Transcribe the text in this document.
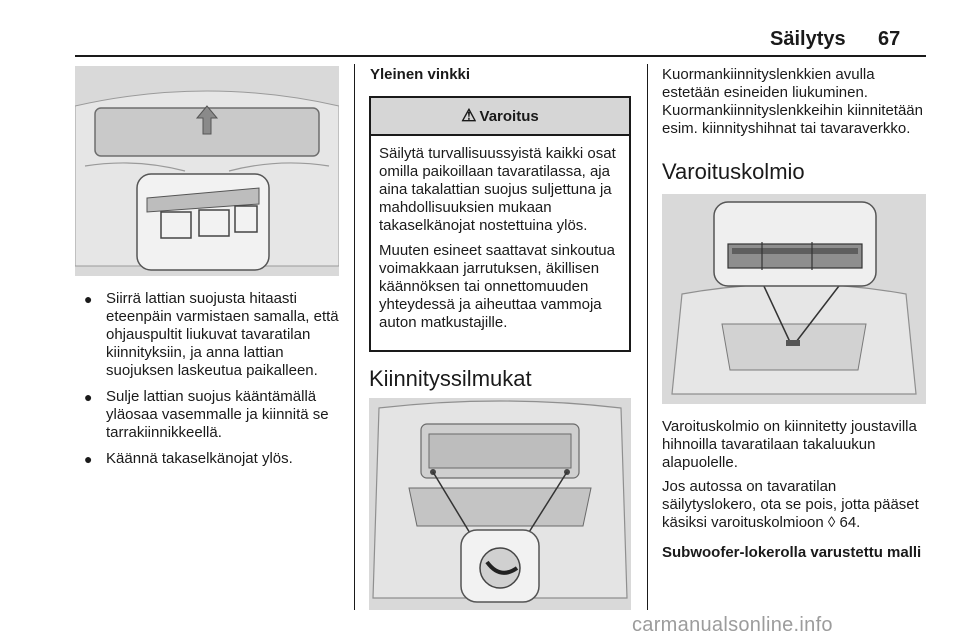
Säilytys 67
● Siirrä lattian suojusta hitaasti eteenpäin varmistaen samalla, että ohjauspultit liukuvat tavaratilan kiinnityksiin, ja anna lattian suojuksen laskeutua paikalleen.
● Sulje lattian suojus kääntämällä yläosaa vasemmalle ja kiinnitä se tarrakiinnikkeellä.
● Käännä takaselkänojat ylös.
Yleinen vinkki
⚠ Varoitus

Säilytä turvallisuussyistä kaikki osat omilla paikoillaan tavaratilassa, aja aina takalattian suojus suljettuna ja mahdollisuuksien mukaan takaselkänojat nostettuina ylös.

Muuten esineet saattavat sinkoutua voimakkaan jarrutuksen, äkillisen käännöksen tai onnettomuuden yhteydessä ja aiheuttaa vammoja auton matkustajille.

Kiinnityssilmukat
Kuormankiinnityslenkkien avulla estetään esineiden liukuminen. Kuormankiinnityslenkkeihin kiinnitetään esim. kiinnityshihnat tai tavaraverkko.
Varoituskolmio

Varoituskolmio on kiinnitetty joustavilla hihnoilla tavaratilaan takaluukun alapuolelle.

Jos autossa on tavaratilan säilytyslokero, ota se pois, jotta pääset käsiksi varoituskolmioon ◊ 64.

Subwoofer-lokerolla varustettu malli
carmanualsonline.info
